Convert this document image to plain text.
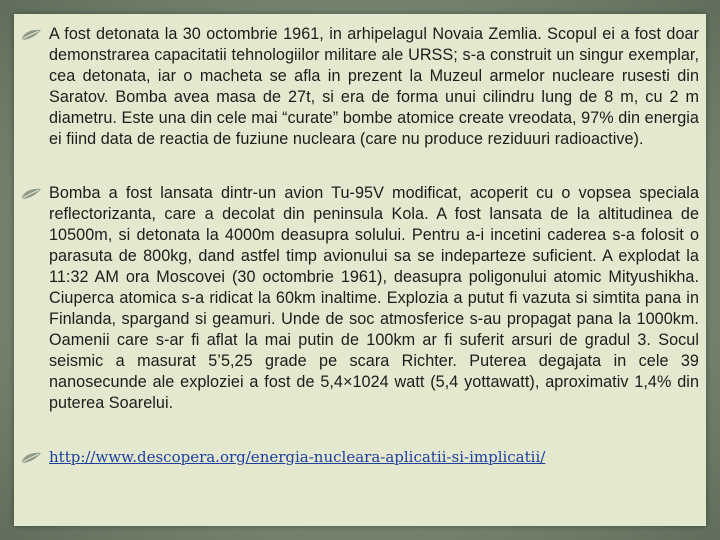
A fost detonata la 30 octombrie 1961, in arhipelagul Novaia Zemlia. Scopul ei a fost doar demonstrarea capacitatii tehnologiilor militare ale URSS; s-a construit un singur exemplar, cea detonata, iar o macheta se afla in prezent la Muzeul armelor nucleare rusesti din Saratov. Bomba avea masa de 27t, si era de forma unui cilindru lung de 8 m, cu 2 m diametru. Este una din cele mai “curate” bombe atomice create vreodata, 97% din energia ei fiind data de reactia de fuziune nucleara (care nu produce reziduuri radioactive).

Bomba a fost lansata dintr-un avion Tu-95V modificat, acoperit cu o vopsea speciala reflectorizanta, care a decolat din peninsula Kola. A fost lansata de la altitudinea de 10500m, si detonata la 4000m deasupra solului. Pentru a-i incetini caderea s-a folosit o parasuta de 800kg, dand astfel timp avionului sa se indeparteze suficient. A explodat la 11:32 AM ora Moscovei (30 octombrie 1961), deasupra poligonului atomic Mityushikha. Ciuperca atomica s-a ridicat la 60km inaltime. Explozia a putut fi vazuta si simtita pana in Finlanda, spargand si geamuri. Unde de soc atmosferice s-au propagat pana la 1000km. Oamenii care s-ar fi aflat la mai putin de 100km ar fi suferit arsuri de gradul 3. Socul seismic a masurat 5’5,25 grade pe scara Richter. Puterea degajata in cele 39 nanosecunde ale exploziei a fost de 5,4×1024 watt (5,4 yottawatt), aproximativ 1,4% din puterea Soarelui.

http://www.descopera.org/energia-nucleara-aplicatii-si-implicatii/
